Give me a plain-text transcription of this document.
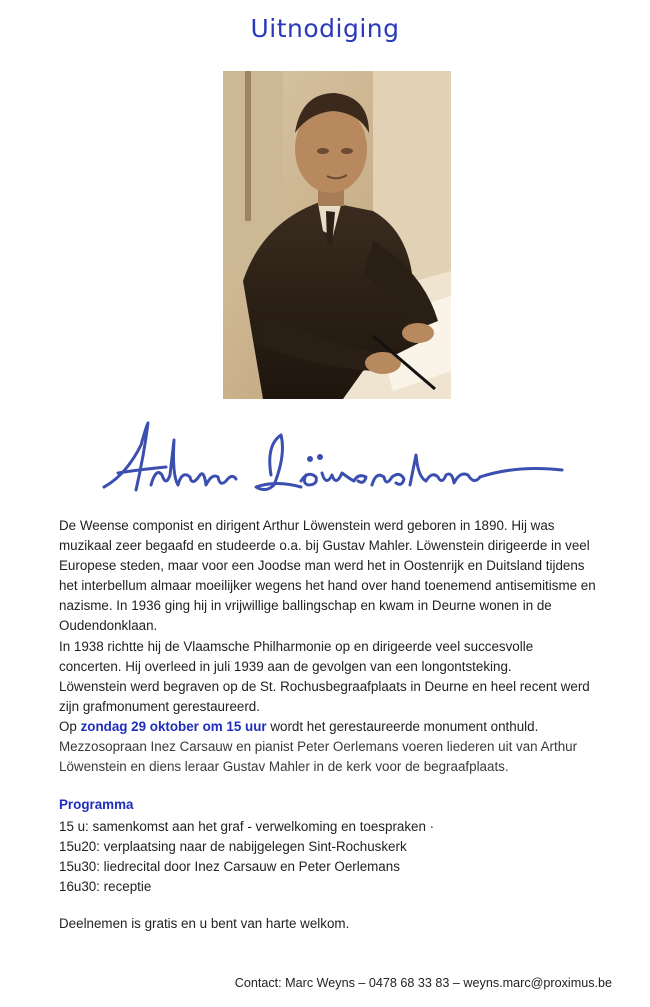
Uitnodiging

De Weense componist en dirigent Arthur Löwenstein werd geboren in 1890. Hij was muzikaal zeer begaafd en studeerde o.a. bij Gustav Mahler. Löwenstein dirigeerde in veel Europese steden, maar voor een Joodse man werd het in Oostenrijk en Duitsland tijdens het interbellum almaar moeilijker wegens het hand over hand toenemend antisemitisme en nazisme. In 1936 ging hij in vrijwillige ballingschap en kwam in Deurne wonen in de Oudendonklaan.

In 1938 richtte hij de Vlaamsche Philharmonie op en dirigeerde veel succesvolle concerten. Hij overleed in juli 1939 aan de gevolgen van een longontsteking.

Löwenstein werd begraven op de St. Rochusbegraafplaats in Deurne en heel recent werd zijn grafmonument gerestaureerd.

Op zondag 29 oktober om 15 uur wordt het gerestaureerde monument onthuld.

Mezzosopraan Inez Carsauw en pianist Peter Oerlemans voeren liederen uit van Arthur Löwenstein en diens leraar Gustav Mahler in de kerk voor de begraafplaats.

Programma
15 u: samenkomst aan het graf - verwelkoming en toespraken ·
15u20: verplaatsing naar de nabijgelegen Sint-Rochuskerk
15u30: liedrecital door Inez Carsauw en Peter Oerlemans
16u30: receptie
Deelnemen is gratis en u bent van harte welkom.
Contact: Marc Weyns – 0478 68 33 83 – weyns.marc@proximus.be
